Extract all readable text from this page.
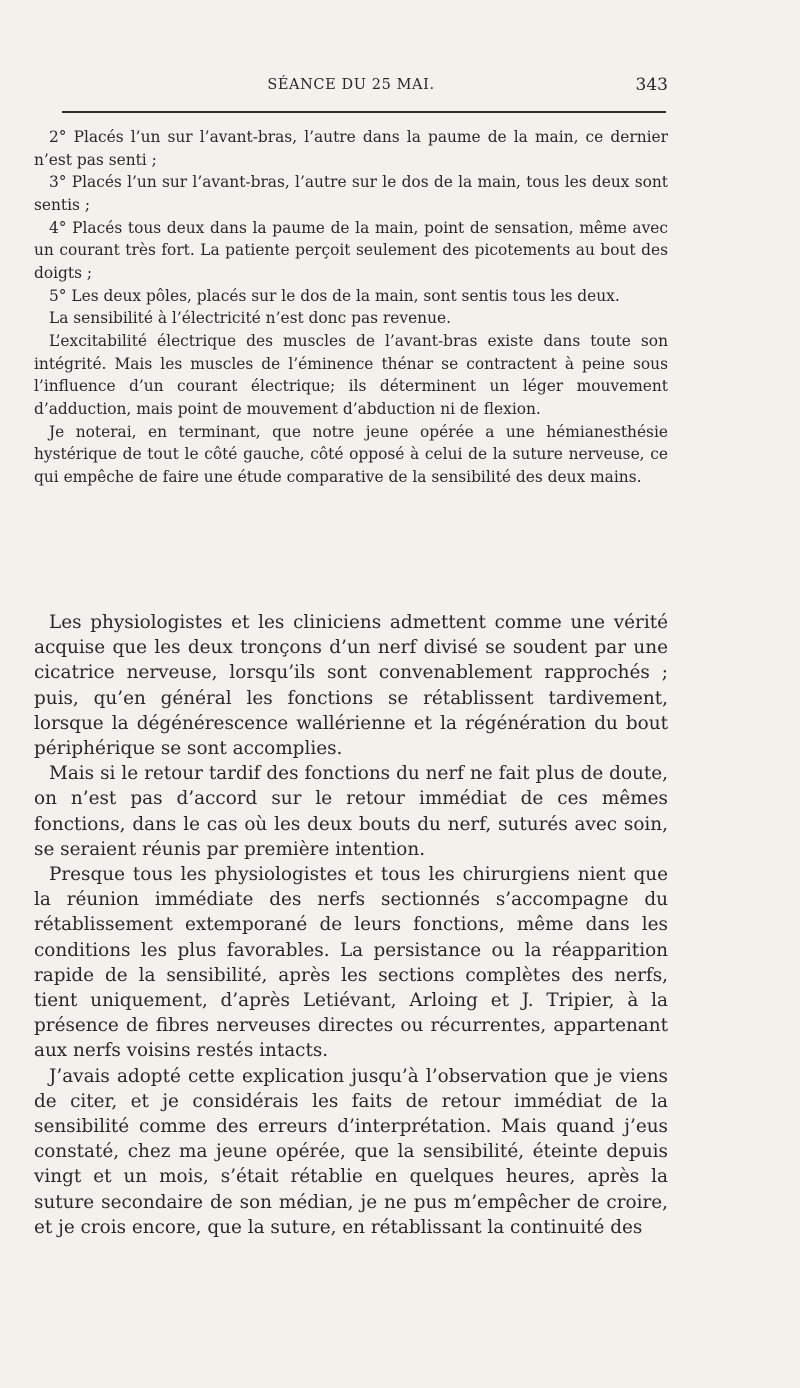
SÉANCE DU 25 MAI.	343

2° Placés l’un sur l’avant-bras, l’autre dans la paume de la main, ce dernier n’est pas senti ;

3° Placés l’un sur l’avant-bras, l’autre sur le dos de la main, tous les deux sont sentis ;

4° Placés tous deux dans la paume de la main, point de sensation, même avec un courant très fort. La patiente perçoit seulement des picotements au bout des doigts ;

5° Les deux pôles, placés sur le dos de la main, sont sentis tous les deux.

La sensibilité à l’électricité n’est donc pas revenue.

L’excitabilité électrique des muscles de l’avant-bras existe dans toute son intégrité. Mais les muscles de l’éminence thénar se contractent à peine sous l’influence d’un courant électrique; ils déterminent un léger mouvement d’adduction, mais point de mouvement d’abduction ni de flexion.

Je noterai, en terminant, que notre jeune opérée a une hémianesthésie hystérique de tout le côté gauche, côté opposé à celui de la suture nerveuse, ce qui empêche de faire une étude comparative de la sensibilité des deux mains.

Les physiologistes et les cliniciens admettent comme une vérité acquise que les deux tronçons d’un nerf divisé se soudent par une cicatrice nerveuse, lorsqu’ils sont convenablement rapprochés ; puis, qu’en général les fonctions se rétablissent tardivement, lorsque la dégénérescence wallérienne et la régénération du bout périphérique se sont accomplies.

Mais si le retour tardif des fonctions du nerf ne fait plus de doute, on n’est pas d’accord sur le retour immédiat de ces mêmes fonctions, dans le cas où les deux bouts du nerf, suturés avec soin, se seraient réunis par première intention.

Presque tous les physiologistes et tous les chirurgiens nient que la réunion immédiate des nerfs sectionnés s’accompagne du rétablissement extemporané de leurs fonctions, même dans les conditions les plus favorables. La persistance ou la réapparition rapide de la sensibilité, après les sections complètes des nerfs, tient uniquement, d’après Letiévant, Arloing et J. Tripier, à la présence de fibres nerveuses directes ou récurrentes, appartenant aux nerfs voisins restés intacts.

J’avais adopté cette explication jusqu’à l’observation que je viens de citer, et je considérais les faits de retour immédiat de la sensibilité comme des erreurs d’interprétation. Mais quand j’eus constaté, chez ma jeune opérée, que la sensibilité, éteinte depuis vingt et un mois, s’était rétablie en quelques heures, après la suture secondaire de son médian, je ne pus m’empêcher de croire, et je crois encore, que la suture, en rétablissant la continuité des
